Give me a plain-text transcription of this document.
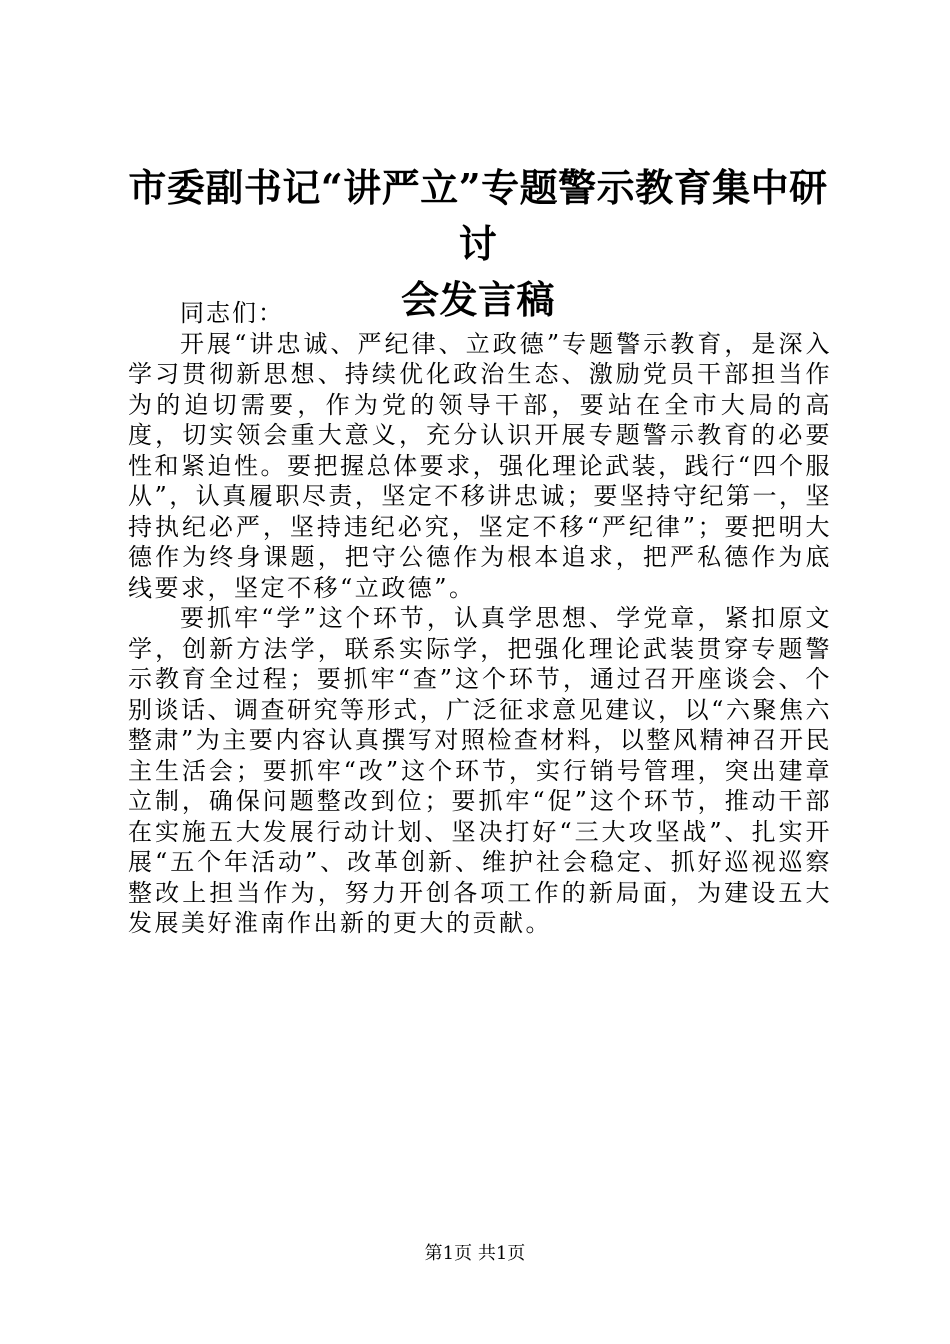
市委副书记“讲严立”专题警示教育集中研讨
会发言稿

同志们：

开展“讲忠诚、严纪律、立政德”专题警示教育，是深入学习贯彻新思想、持续优化政治生态、激励党员干部担当作为的迫切需要，作为党的领导干部，要站在全市大局的高度，切实领会重大意义，充分认识开展专题警示教育的必要性和紧迫性。要把握总体要求，强化理论武装，践行“四个服从”，认真履职尽责，坚定不移讲忠诚；要坚持守纪第一，坚持执纪必严，坚持违纪必究，坚定不移“严纪律”；要把明大德作为终身课题，把守公德作为根本追求，把严私德作为底线要求，坚定不移“立政德”。

要抓牢“学”这个环节，认真学思想、学党章，紧扣原文学，创新方法学，联系实际学，把强化理论武装贯穿专题警示教育全过程；要抓牢“查”这个环节，通过召开座谈会、个别谈话、调查研究等形式，广泛征求意见建议，以“六聚焦六整肃”为主要内容认真撰写对照检查材料，以整风精神召开民主生活会；要抓牢“改”这个环节，实行销号管理，突出建章立制，确保问题整改到位；要抓牢“促”这个环节，推动干部在实施五大发展行动计划、坚决打好“三大攻坚战”、扎实开展“五个年活动”、改革创新、维护社会稳定、抓好巡视巡察整改上担当作为，努力开创各项工作的新局面，为建设五大发展美好淮南作出新的更大的贡献。

第1页 共1页
